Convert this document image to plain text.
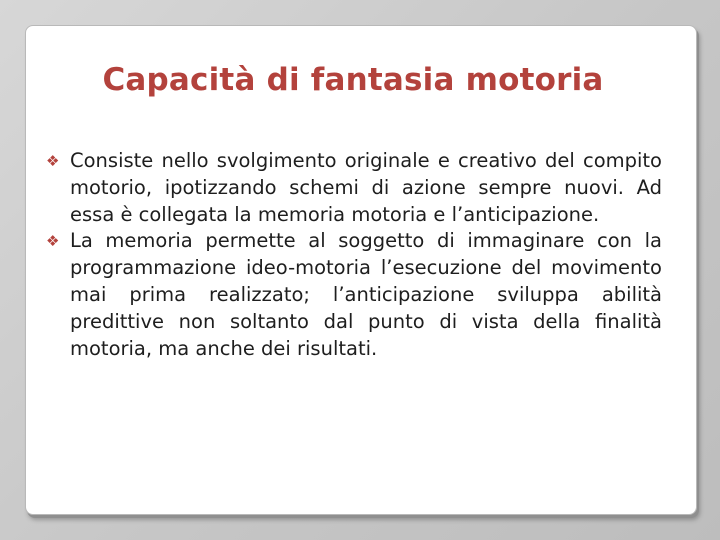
Capacità di fantasia motoria
❖ Consiste nello svolgimento originale e creativo del compito motorio, ipotizzando schemi di azione sempre nuovi. Ad essa è collegata la memoria motoria e l’anticipazione.
❖ La memoria permette al soggetto di immaginare con la programmazione ideo-motoria l’esecuzione del movimento mai prima realizzato; l’anticipazione sviluppa abilità predittive non soltanto dal punto di vista della finalità motoria, ma anche dei risultati.
